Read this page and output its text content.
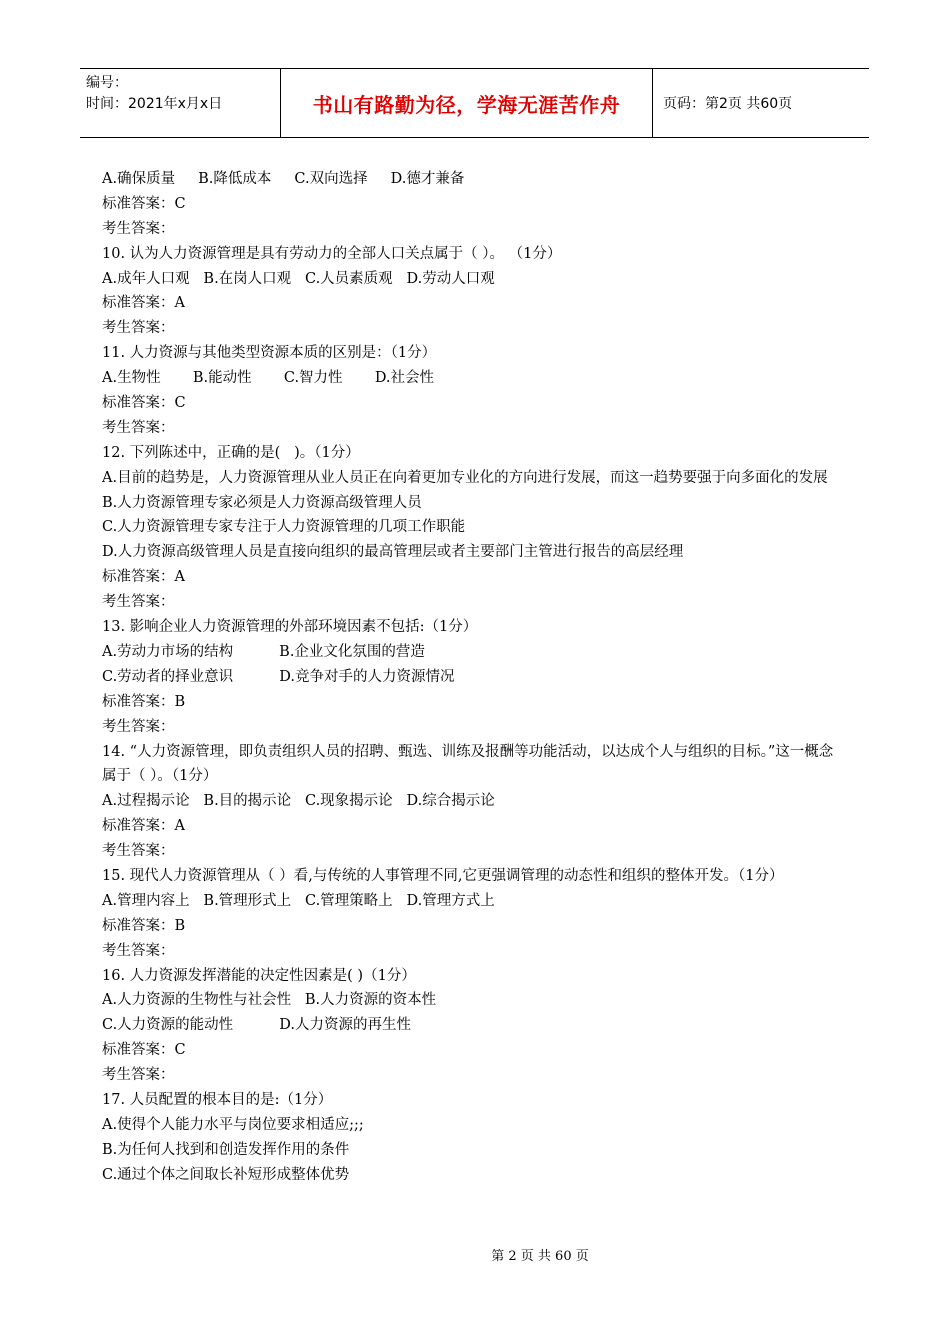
编号：
时间：2021年x月x日	书山有路勤为径，学海无涯苦作舟	页码：第2页 共60页
A.确保质量     B.降低成本     C.双向选择     D.德才兼备
标准答案：C
考生答案：
10. 认为人力资源管理是具有劳动力的全部人口关点属于（ ）。 （1分）
A.成年人口观   B.在岗人口观   C.人员素质观   D.劳动人口观
标准答案：A
考生答案：
11. 人力资源与其他类型资源本质的区别是：（1分）
A.生物性       B.能动性       C.智力性       D.社会性
标准答案：C
考生答案：
12. 下列陈述中，正确的是(   )。（1分）
A.目前的趋势是，人力资源管理从业人员正在向着更加专业化的方向进行发展，而这一趋势要强于向多面化的发展
B.人力资源管理专家必须是人力资源高级管理人员
C.人力资源管理专家专注于人力资源管理的几项工作职能
D.人力资源高级管理人员是直接向组织的最高管理层或者主要部门主管进行报告的高层经理
标准答案：A
考生答案：
13. 影响企业人力资源管理的外部环境因素不包括:（1分）
A.劳动力市场的结构          B.企业文化氛围的营造
C.劳动者的择业意识          D.竞争对手的人力资源情况
标准答案：B
考生答案：
14. “人力资源管理，即负责组织人员的招聘、甄选、训练及报酬等功能活动，以达成个人与组织的目标。”这一概念属于（ ）。（1分）
A.过程揭示论   B.目的揭示论   C.现象揭示论   D.综合揭示论
标准答案：A
考生答案：
15. 现代人力资源管理从（ ）看,与传统的人事管理不同,它更强调管理的动态性和组织的整体开发。（1分）
A.管理内容上   B.管理形式上   C.管理策略上   D.管理方式上
标准答案：B
考生答案：
16. 人力资源发挥潜能的决定性因素是( )（1分）
A.人力资源的生物性与社会性   B.人力资源的资本性
C.人力资源的能动性          D.人力资源的再生性
标准答案：C
考生答案：
17. 人员配置的根本目的是:（1分）
A.使得个人能力水平与岗位要求相适应;;;
B.为任何人找到和创造发挥作用的条件
C.通过个体之间取长补短形成整体优势
第 2 页 共 60 页
